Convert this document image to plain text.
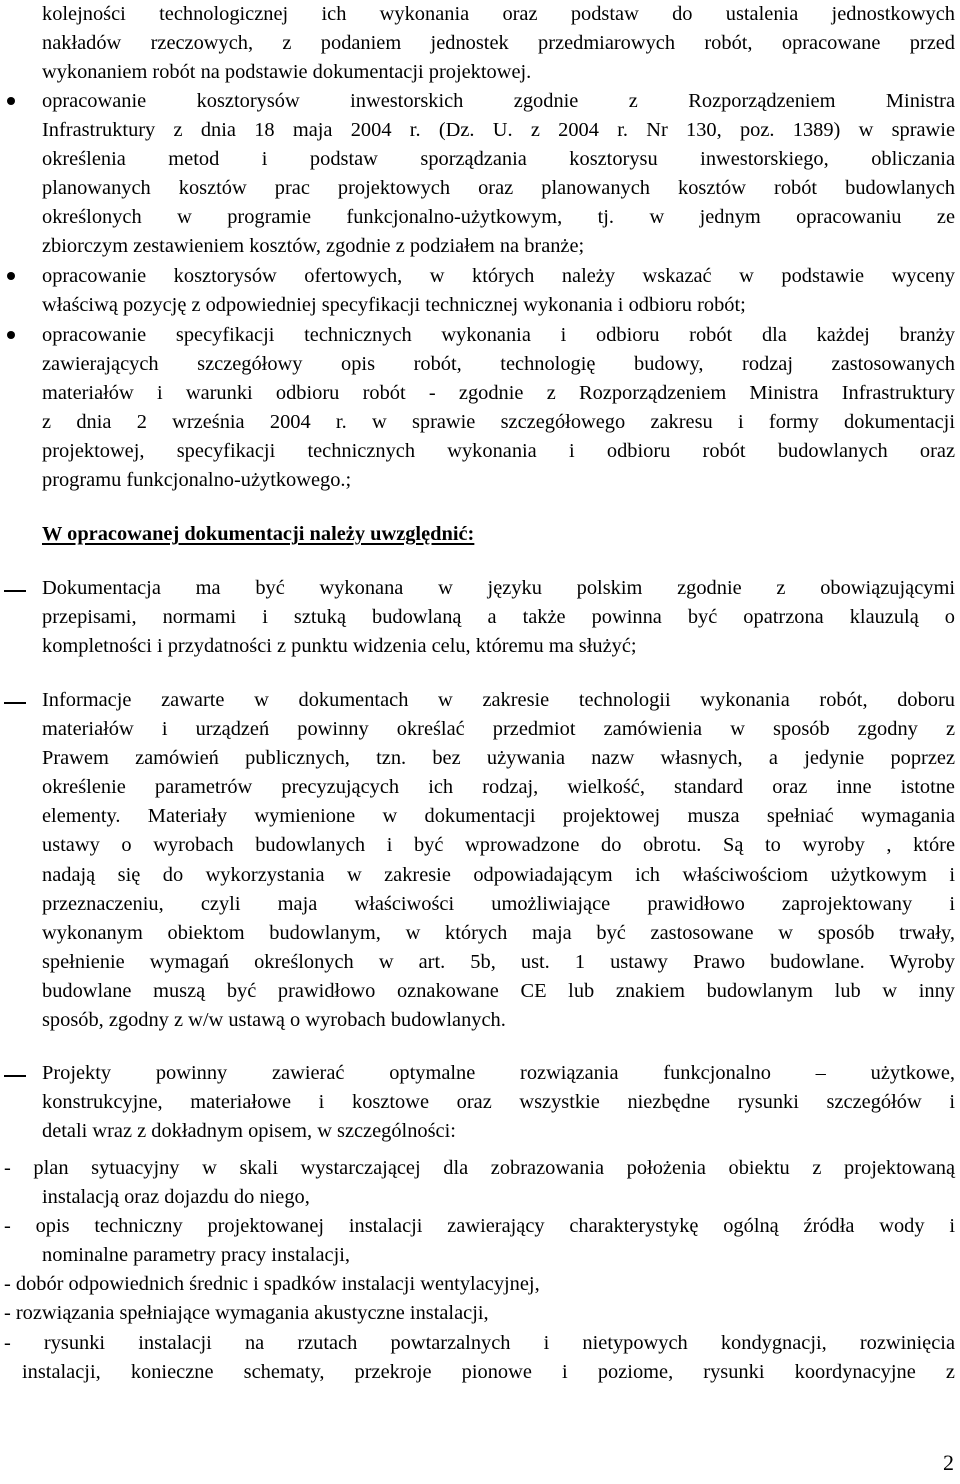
kolejności technologicznej ich wykonania oraz podstaw do ustalenia jednostkowych
nakładów rzeczowych, z podaniem jednostek przedmiarowych robót, opracowane przed
wykonaniem robót na podstawie dokumentacji projektowej.
opracowanie kosztorysów inwestorskich zgodnie z Rozporządzeniem Ministra
Infrastruktury z dnia 18 maja 2004 r. (Dz. U. z 2004 r. Nr 130, poz. 1389) w sprawie
określenia metod i podstaw sporządzania kosztorysu inwestorskiego, obliczania
planowanych kosztów prac projektowych oraz planowanych kosztów robót budowlanych
określonych w programie funkcjonalno-użytkowym, tj. w jednym opracowaniu ze
zbiorczym zestawieniem kosztów, zgodnie z podziałem na branże;
opracowanie kosztorysów ofertowych, w których należy wskazać w podstawie wyceny
właściwą pozycję z odpowiedniej specyfikacji technicznej wykonania i odbioru robót;
opracowanie specyfikacji technicznych wykonania i odbioru robót dla każdej branży
zawierających szczegółowy opis robót, technologię budowy, rodzaj zastosowanych
materiałów i warunki odbioru robót - zgodnie z Rozporządzeniem Ministra Infrastruktury
z dnia 2 września 2004 r. w sprawie szczegółowego zakresu i formy dokumentacji
projektowej, specyfikacji technicznych wykonania i odbioru robót budowlanych oraz
programu funkcjonalno-użytkowego.;
W opracowanej dokumentacji należy uwzględnić:
Dokumentacja ma być wykonana w języku polskim zgodnie z obowiązującymi
przepisami, normami i sztuką budowlaną a także powinna być opatrzona klauzulą o
kompletności i przydatności z punktu widzenia celu, któremu ma służyć;
Informacje zawarte w dokumentach w zakresie technologii wykonania robót, doboru
materiałów i urządzeń powinny określać przedmiot zamówienia w sposób zgodny z
Prawem zamówień publicznych, tzn. bez używania nazw własnych, a jedynie poprzez
określenie parametrów precyzujących ich rodzaj, wielkość, standard oraz inne istotne
elementy. Materiały wymienione w dokumentacji projektowej musza spełniać wymagania
ustawy o wyrobach budowlanych i być wprowadzone do obrotu. Są to wyroby , które
nadają się do wykorzystania w zakresie odpowiadającym ich właściwościom użytkowym i
przeznaczeniu, czyli maja właściwości umożliwiające prawidłowo zaprojektowany i
wykonanym obiektom budowlanym, w których maja być zastosowane w sposób trwały,
spełnienie wymagań określonych w art. 5b, ust. 1 ustawy Prawo budowlane. Wyroby
budowlane muszą być prawidłowo oznakowane CE lub znakiem budowlanym lub w inny
sposób, zgodny z w/w ustawą o wyrobach budowlanych.
Projekty powinny zawierać optymalne rozwiązania funkcjonalno – użytkowe,
konstrukcyjne, materiałowe i kosztowe oraz wszystkie niezbędne rysunki szczegółów i
detali wraz z dokładnym opisem, w szczególności:
- plan sytuacyjny w skali wystarczającej dla zobrazowania położenia obiektu z projektowaną
instalacją oraz dojazdu do niego,
- opis techniczny projektowanej instalacji zawierający charakterystykę ogólną źródła wody i
nominalne parametry pracy instalacji,
- dobór odpowiednich średnic i spadków instalacji wentylacyjnej,
- rozwiązania spełniające wymagania akustyczne instalacji,
- rysunki instalacji na rzutach powtarzalnych i nietypowych kondygnacji, rozwinięcia
instalacji, konieczne schematy, przekroje pionowe i poziome, rysunki koordynacyjne z
2
